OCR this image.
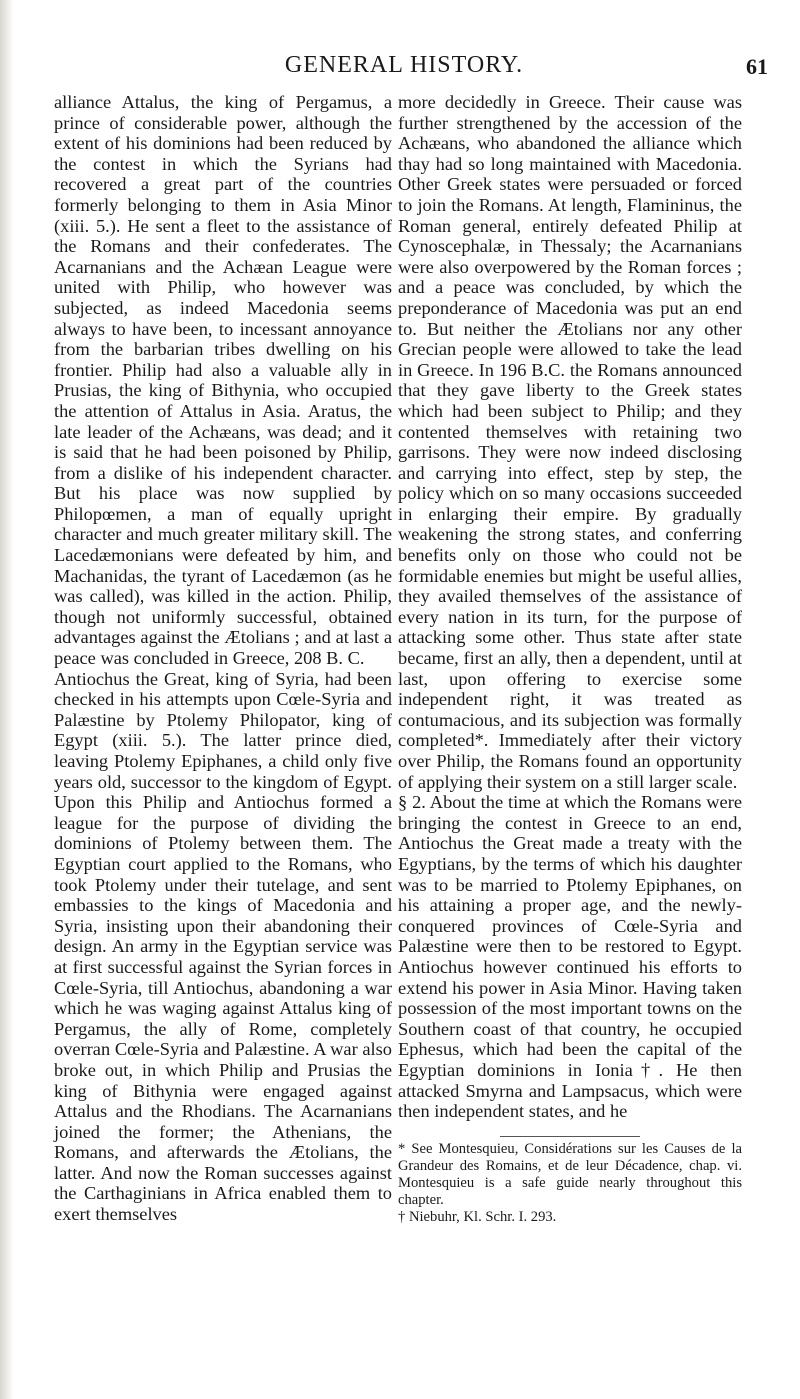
GENERAL HISTORY.	61

alliance Attalus, the king of Pergamus, a prince of considerable power, although the extent of his dominions had been reduced by the contest in which the Syrians had recovered a great part of the countries formerly belonging to them in Asia Minor (xiii. 5.). He sent a fleet to the assistance of the Romans and their confederates. The Acarnanians and the Achæan League were united with Philip, who however was subjected, as indeed Macedonia seems always to have been, to incessant annoyance from the barbarian tribes dwelling on his frontier. Philip had also a valuable ally in Prusias, the king of Bithynia, who occupied the attention of Attalus in Asia. Aratus, the late leader of the Achæans, was dead; and it is said that he had been poisoned by Philip, from a dislike of his independent character. But his place was now supplied by Philopœmen, a man of equally upright character and much greater military skill. The Lacedæmonians were defeated by him, and Machanidas, the tyrant of Lacedæmon (as he was called), was killed in the action. Philip, though not uniformly successful, obtained advantages against the Ætolians ; and at last a peace was concluded in Greece, 208 B. C.

Antiochus the Great, king of Syria, had been checked in his attempts upon Cœle-Syria and Palæstine by Ptolemy Philopator, king of Egypt (xiii. 5.). The latter prince died, leaving Ptolemy Epiphanes, a child only five years old, successor to the kingdom of Egypt. Upon this Philip and Antiochus formed a league for the purpose of dividing the dominions of Ptolemy between them. The Egyptian court applied to the Romans, who took Ptolemy under their tutelage, and sent embassies to the kings of Macedonia and Syria, insisting upon their abandoning their design. An army in the Egyptian service was at first successful against the Syrian forces in Cœle-Syria, till Antiochus, abandoning a war which he was waging against Attalus king of Pergamus, the ally of Rome, completely overran Cœle-Syria and Palæstine. A war also broke out, in which Philip and Prusias the king of Bithynia were engaged against Attalus and the Rhodians. The Acarnanians joined the former; the Athenians, the Romans, and afterwards the Ætolians, the latter. And now the Roman successes against the Carthaginians in Africa enabled them to exert themselves

more decidedly in Greece. Their cause was further strengthened by the accession of the Achæans, who abandoned the alliance which thay had so long maintained with Macedonia. Other Greek states were persuaded or forced to join the Romans. At length, Flamininus, the Roman general, entirely defeated Philip at Cynoscephalæ, in Thessaly; the Acarnanians were also overpowered by the Roman forces ; and a peace was concluded, by which the preponderance of Macedonia was put an end to. But neither the Ætolians nor any other Grecian people were allowed to take the lead in Greece. In 196 B.C. the Romans announced that they gave liberty to the Greek states which had been subject to Philip; and they contented themselves with retaining two garrisons. They were now indeed disclosing and carrying into effect, step by step, the policy which on so many occasions succeeded in enlarging their empire. By gradually weakening the strong states, and conferring benefits only on those who could not be formidable enemies but might be useful allies, they availed themselves of the assistance of every nation in its turn, for the purpose of attacking some other. Thus state after state became, first an ally, then a dependent, until at last, upon offering to exercise some independent right, it was treated as contumacious, and its subjection was formally completed*. Immediately after their victory over Philip, the Romans found an opportunity of applying their system on a still larger scale.

§ 2. About the time at which the Romans were bringing the contest in Greece to an end, Antiochus the Great made a treaty with the Egyptians, by the terms of which his daughter was to be married to Ptolemy Epiphanes, on his attaining a proper age, and the newly-conquered provinces of Cœle-Syria and Palæstine were then to be restored to Egypt. Antiochus however continued his efforts to extend his power in Asia Minor. Having taken possession of the most important towns on the Southern coast of that country, he occupied Ephesus, which had been the capital of the Egyptian dominions in Ionia†. He then attacked Smyrna and Lampsacus, which were then independent states, and he

* See Montesquieu, Considérations sur les Causes de la Grandeur des Romains, et de leur Décadence, chap. vi. Montesquieu is a safe guide nearly throughout this chapter.

† Niebuhr, Kl. Schr. I. 293.
